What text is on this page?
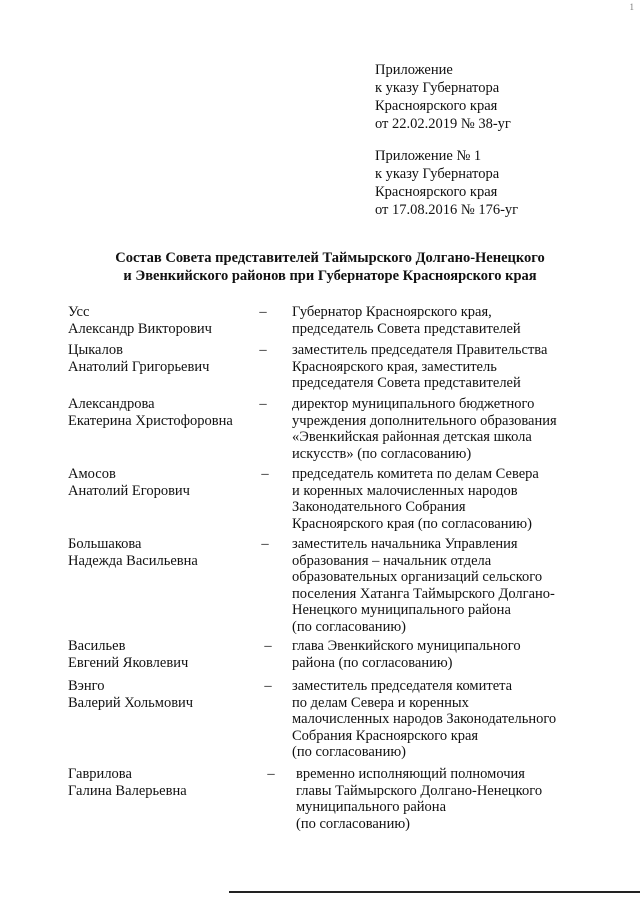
1
Приложение
к указу Губернатора
Красноярского края
от 22.02.2019 № 38-уг
Приложение № 1
к указу Губернатора
Красноярского края
от 17.08.2016 № 176-уг
Состав Совета представителей Таймырского Долгано-Ненецкого
и Эвенкийского районов при Губернаторе Красноярского края
Усс
Александр Викторович
– Губернатор Красноярского края,
председатель Совета представителей
Цыкалов
Анатолий Григорьевич
– заместитель председателя Правительства
Красноярского края, заместитель
председателя Совета представителей
Александрова
Екатерина Христофоровна
– директор муниципального бюджетного
учреждения дополнительного образования
«Эвенкийская районная детская школа
искусств» (по согласованию)
Амосов
Анатолий Егорович
– председатель комитета по делам Севера
и коренных малочисленных народов
Законодательного Собрания
Красноярского края (по согласованию)
Большакова
Надежда Васильевна
– заместитель начальника Управления
образования – начальник отдела
образовательных организаций сельского
поселения Хатанга Таймырского Долгано-
Ненецкого муниципального района
(по согласованию)
Васильев
Евгений Яковлевич
– глава Эвенкийского муниципального
района (по согласованию)
Вэнго
Валерий Хольмович
– заместитель председателя комитета
по делам Севера и коренных
малочисленных народов Законодательного
Собрания Красноярского края
(по согласованию)
Гаврилова
Галина Валерьевна
– временно исполняющий полномочия
главы Таймырского Долгано-Ненецкого
муниципального района
(по согласованию)
